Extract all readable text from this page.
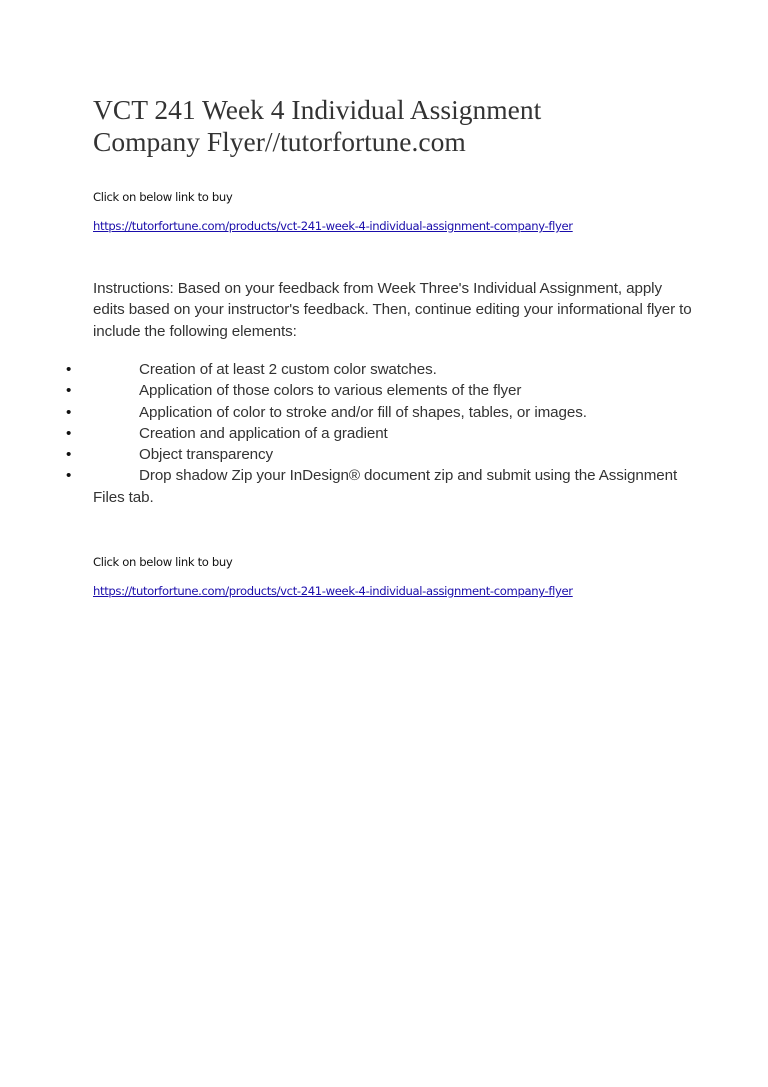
VCT 241 Week 4 Individual Assignment
Company Flyer//tutorfortune.com
Click on below link to buy
https://tutorfortune.com/products/vct-241-week-4-individual-assignment-company-flyer

Instructions: Based on your feedback from Week Three's Individual Assignment, apply edits based on your instructor's feedback. Then, continue editing your informational flyer to include the following elements:

•	Creation of at least 2 custom color swatches.
•	Application of those colors to various elements of the flyer
•	Application of color to stroke and/or fill of shapes, tables, or images.
•	Creation and application of a gradient
•	Object transparency
•	Drop shadow Zip your InDesign® document zip and submit using the Assignment
Files tab.
Click on below link to buy
https://tutorfortune.com/products/vct-241-week-4-individual-assignment-company-flyer
